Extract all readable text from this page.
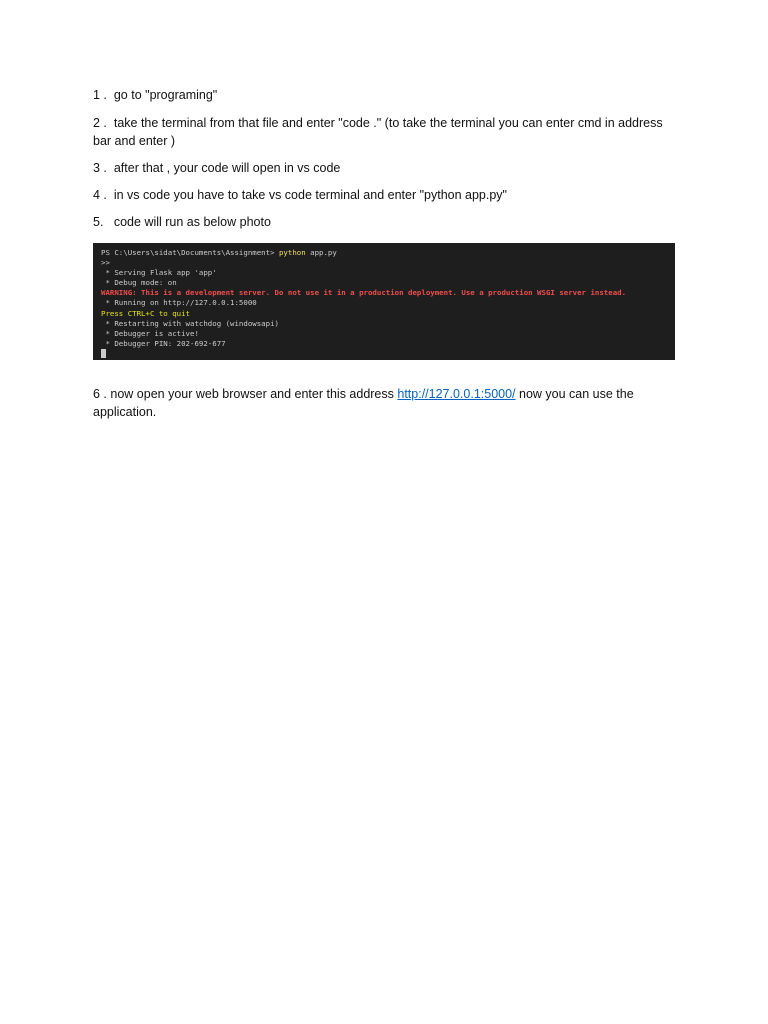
1 . go to "programing"
2 . take the terminal from that file and enter "code ." (to take the terminal you can enter cmd in address bar and enter )
3 . after that , your code will open in vs code
4 . in vs code you have to take vs code terminal and enter "python app.py"
5. code will run as below photo
PS C:\Users\sidat\Documents\Assignment> python app.py
>>
* Serving Flask app 'app'
* Debug mode: on
WARNING: This is a development server. Do not use it in a production deployment. Use a production WSGI server instead.
* Running on http://127.0.0.1:5000
Press CTRL+C to quit
* Restarting with watchdog (windowsapi)
* Debugger is active!
* Debugger PIN: 202-692-677
6 . now open your web browser and enter this address http://127.0.0.1:5000/ now you can use the application.
